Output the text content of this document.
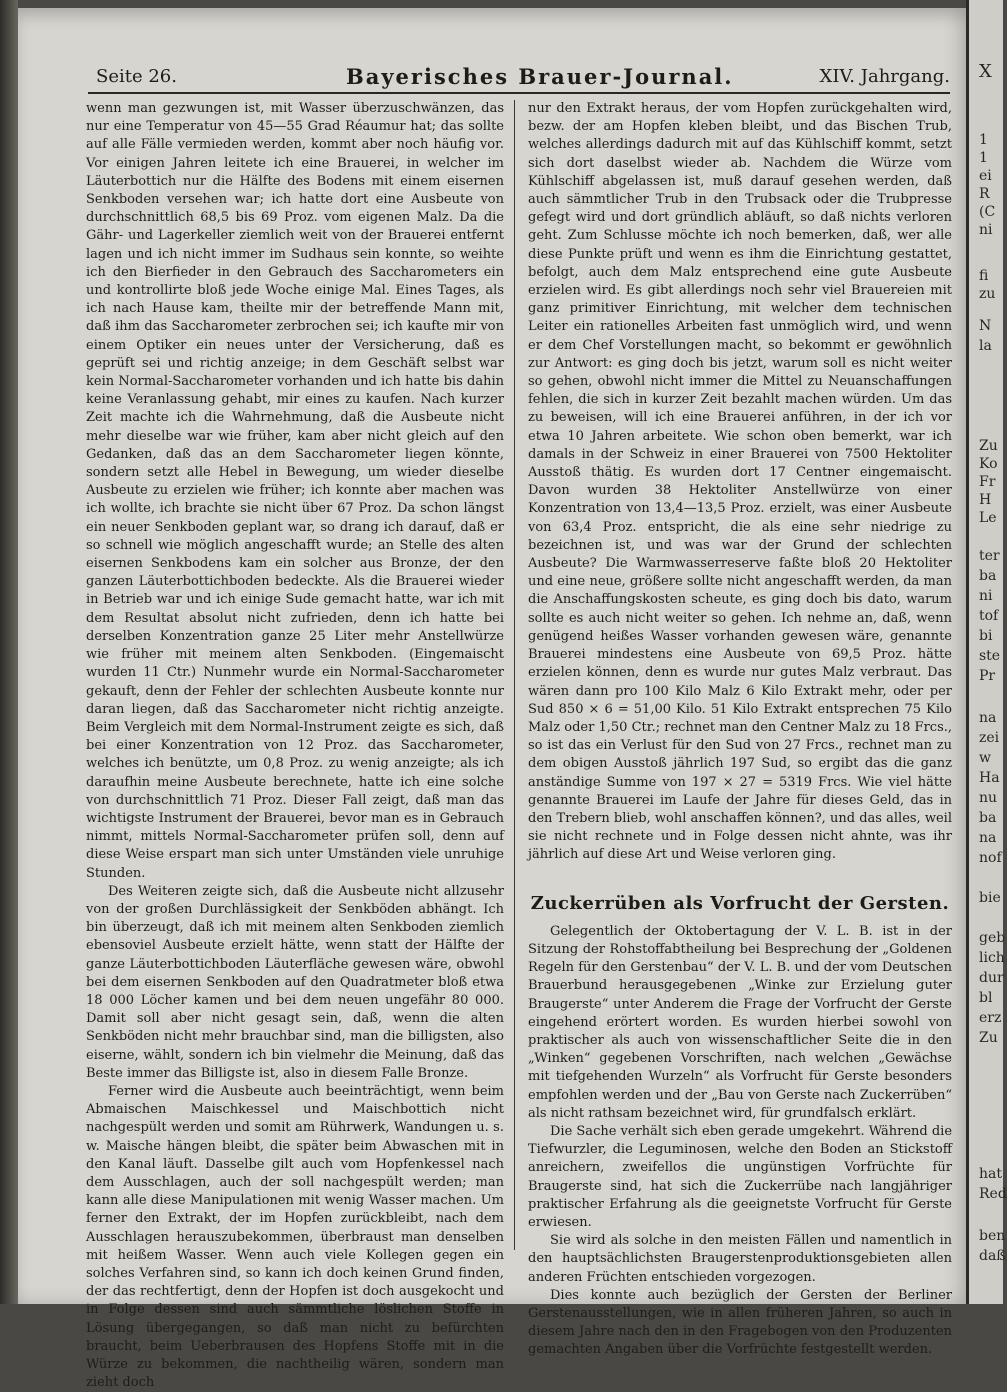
Seite 26.	Bayerisches Brauer-Journal.	XIV. Jahrgang.

wenn man gezwungen ist, mit Wasser überzuschwänzen, das nur eine Temperatur von 45—55 Grad Réaumur hat; das sollte auf alle Fälle vermieden werden, kommt aber noch häufig vor. Vor einigen Jahren leitete ich eine Brauerei, in welcher im Läuterbottich nur die Hälfte des Bodens mit einem eisernen Senkboden versehen war; ich hatte dort eine Ausbeute von durchschnittlich 68,5 bis 69 Proz. vom eigenen Malz. Da die Gähr- und Lagerkeller ziemlich weit von der Brauerei entfernt lagen und ich nicht immer im Sudhaus sein konnte, so weihte ich den Bierfieder in den Gebrauch des Saccharometers ein und kontrollirte bloß jede Woche einige Mal. Eines Tages, als ich nach Hause kam, theilte mir der betreffende Mann mit, daß ihm das Saccharometer zerbrochen sei; ich kaufte mir von einem Optiker ein neues unter der Versicherung, daß es geprüft sei und richtig anzeige; in dem Geschäft selbst war kein Normal-Saccharometer vorhanden und ich hatte bis dahin keine Veranlassung gehabt, mir eines zu kaufen. Nach kurzer Zeit machte ich die Wahrnehmung, daß die Ausbeute nicht mehr dieselbe war wie früher, kam aber nicht gleich auf den Gedanken, daß das an dem Saccharometer liegen könnte, sondern setzt alle Hebel in Bewegung, um wieder dieselbe Ausbeute zu erzielen wie früher; ich konnte aber machen was ich wollte, ich brachte sie nicht über 67 Proz. Da schon längst ein neuer Senkboden geplant war, so drang ich darauf, daß er so schnell wie möglich angeschafft wurde; an Stelle des alten eisernen Senkbodens kam ein solcher aus Bronze, der den ganzen Läuterbottichboden bedeckte. Als die Brauerei wieder in Betrieb war und ich einige Sude gemacht hatte, war ich mit dem Resultat absolut nicht zufrieden, denn ich hatte bei derselben Konzentration ganze 25 Liter mehr Anstellwürze wie früher mit meinem alten Senkboden. (Eingemaischt wurden 11 Ctr.) Nunmehr wurde ein Normal-Saccharometer gekauft, denn der Fehler der schlechten Ausbeute konnte nur daran liegen, daß das Saccharometer nicht richtig anzeigte. Beim Vergleich mit dem Normal-Instrument zeigte es sich, daß bei einer Konzentration von 12 Proz. das Saccharometer, welches ich benützte, um 0,8 Proz. zu wenig anzeigte; als ich daraufhin meine Ausbeute berechnete, hatte ich eine solche von durchschnittlich 71 Proz. Dieser Fall zeigt, daß man das wichtigste Instrument der Brauerei, bevor man es in Gebrauch nimmt, mittels Normal-Saccharometer prüfen soll, denn auf diese Weise erspart man sich unter Umständen viele unruhige Stunden.

Des Weiteren zeigte sich, daß die Ausbeute nicht allzusehr von der großen Durchlässigkeit der Senkböden abhängt. Ich bin überzeugt, daß ich mit meinem alten Senkboden ziemlich ebensoviel Ausbeute erzielt hätte, wenn statt der Hälfte der ganze Läuterbottichboden Läuterfläche gewesen wäre, obwohl bei dem eisernen Senkboden auf den Quadratmeter bloß etwa 18 000 Löcher kamen und bei dem neuen ungefähr 80 000. Damit soll aber nicht gesagt sein, daß, wenn die alten Senkböden nicht mehr brauchbar sind, man die billigsten, also eiserne, wählt, sondern ich bin vielmehr die Meinung, daß das Beste immer das Billigste ist, also in diesem Falle Bronze.

Ferner wird die Ausbeute auch beeinträchtigt, wenn beim Abmaischen Maischkessel und Maischbottich nicht nachgespült werden und somit am Rührwerk, Wandungen u. s. w. Maische hängen bleibt, die später beim Abwaschen mit in den Kanal läuft. Dasselbe gilt auch vom Hopfenkessel nach dem Ausschlagen, auch der soll nachgespült werden; man kann alle diese Manipulationen mit wenig Wasser machen. Um ferner den Extrakt, der im Hopfen zurückbleibt, nach dem Ausschlagen herauszubekommen, überbraust man denselben mit heißem Wasser. Wenn auch viele Kollegen gegen ein solches Verfahren sind, so kann ich doch keinen Grund finden, der das rechtfertigt, denn der Hopfen ist doch ausgekocht und in Folge dessen sind auch sämmtliche löslichen Stoffe in Lösung übergegangen, so daß man nicht zu befürchten braucht, beim Ueberbrausen des Hopfens Stoffe mit in die Würze zu bekommen, die nachtheilig wären, sondern man zieht doch

nur den Extrakt heraus, der vom Hopfen zurückgehalten wird, bezw. der am Hopfen kleben bleibt, und das Bischen Trub, welches allerdings dadurch mit auf das Kühlschiff kommt, setzt sich dort daselbst wieder ab. Nachdem die Würze vom Kühlschiff abgelassen ist, muß darauf gesehen werden, daß auch sämmtlicher Trub in den Trubsack oder die Trubpresse gefegt wird und dort gründlich abläuft, so daß nichts verloren geht. Zum Schlusse möchte ich noch bemerken, daß, wer alle diese Punkte prüft und wenn es ihm die Einrichtung gestattet, befolgt, auch dem Malz entsprechend eine gute Ausbeute erzielen wird. Es gibt allerdings noch sehr viel Brauereien mit ganz primitiver Einrichtung, mit welcher dem technischen Leiter ein rationelles Arbeiten fast unmöglich wird, und wenn er dem Chef Vorstellungen macht, so bekommt er gewöhnlich zur Antwort: es ging doch bis jetzt, warum soll es nicht weiter so gehen, obwohl nicht immer die Mittel zu Neuanschaffungen fehlen, die sich in kurzer Zeit bezahlt machen würden. Um das zu beweisen, will ich eine Brauerei anführen, in der ich vor etwa 10 Jahren arbeitete. Wie schon oben bemerkt, war ich damals in der Schweiz in einer Brauerei von 7500 Hektoliter Ausstoß thätig. Es wurden dort 17 Centner eingemaischt. Davon wurden 38 Hektoliter Anstellwürze von einer Konzentration von 13,4—13,5 Proz. erzielt, was einer Ausbeute von 63,4 Proz. entspricht, die als eine sehr niedrige zu bezeichnen ist, und was war der Grund der schlechten Ausbeute? Die Warmwasserreserve faßte bloß 20 Hektoliter und eine neue, größere sollte nicht angeschafft werden, da man die Anschaffungskosten scheute, es ging doch bis dato, warum sollte es auch nicht weiter so gehen. Ich nehme an, daß, wenn genügend heißes Wasser vorhanden gewesen wäre, genannte Brauerei mindestens eine Ausbeute von 69,5 Proz. hätte erzielen können, denn es wurde nur gutes Malz verbraut. Das wären dann pro 100 Kilo Malz 6 Kilo Extrakt mehr, oder per Sud 850 × 6 = 51,00 Kilo. 51 Kilo Extrakt entsprechen 75 Kilo Malz oder 1,50 Ctr.; rechnet man den Centner Malz zu 18 Frcs., so ist das ein Verlust für den Sud von 27 Frcs., rechnet man zu dem obigen Ausstoß jährlich 197 Sud, so ergibt das die ganz anständige Summe von 197 × 27 = 5319 Frcs. Wie viel hätte genannte Brauerei im Laufe der Jahre für dieses Geld, das in den Trebern blieb, wohl anschaffen können?, und das alles, weil sie nicht rechnete und in Folge dessen nicht ahnte, was ihr jährlich auf diese Art und Weise verloren ging.

Zuckerrüben als Vorfrucht der Gersten.

Gelegentlich der Oktobertagung der V. L. B. ist in der Sitzung der Rohstoffabtheilung bei Besprechung der „Goldenen Regeln für den Gerstenbau“ der V. L. B. und der vom Deutschen Brauerbund herausgegebenen „Winke zur Erzielung guter Braugerste“ unter Anderem die Frage der Vorfrucht der Gerste eingehend erörtert worden. Es wurden hierbei sowohl von praktischer als auch von wissenschaftlicher Seite die in den „Winken“ gegebenen Vorschriften, nach welchen „Gewächse mit tiefgehenden Wurzeln“ als Vorfrucht für Gerste besonders empfohlen werden und der „Bau von Gerste nach Zuckerrüben“ als nicht rathsam bezeichnet wird, für grundfalsch erklärt.

Die Sache verhält sich eben gerade umgekehrt. Während die Tiefwurzler, die Leguminosen, welche den Boden an Stickstoff anreichern, zweifellos die ungünstigen Vorfrüchte für Braugerste sind, hat sich die Zuckerrübe nach langjähriger praktischer Erfahrung als die geeignetste Vorfrucht für Gerste erwiesen.

Sie wird als solche in den meisten Fällen und namentlich in den hauptsächlichsten Braugerstenproduktionsgebieten allen anderen Früchten entschieden vorgezogen.

Dies konnte auch bezüglich der Gersten der Berliner Gerstenausstellungen, wie in allen früheren Jahren, so auch in diesem Jahre nach den in den Fragebogen von den Produzenten gemachten Angaben über die Vorfrüchte festgestellt werden.

X
1
1
ei
R
(C
ni
fi
zu
N
la
Zu
Ko
Fr
H
Le
ter
ba
ni
tof
bi
ste
Pr
na
zei
w
Ha
nu
ba
na
nof
bie
geb
lich
dur
bl
erz
Zu
hat
Red
ben
daß
